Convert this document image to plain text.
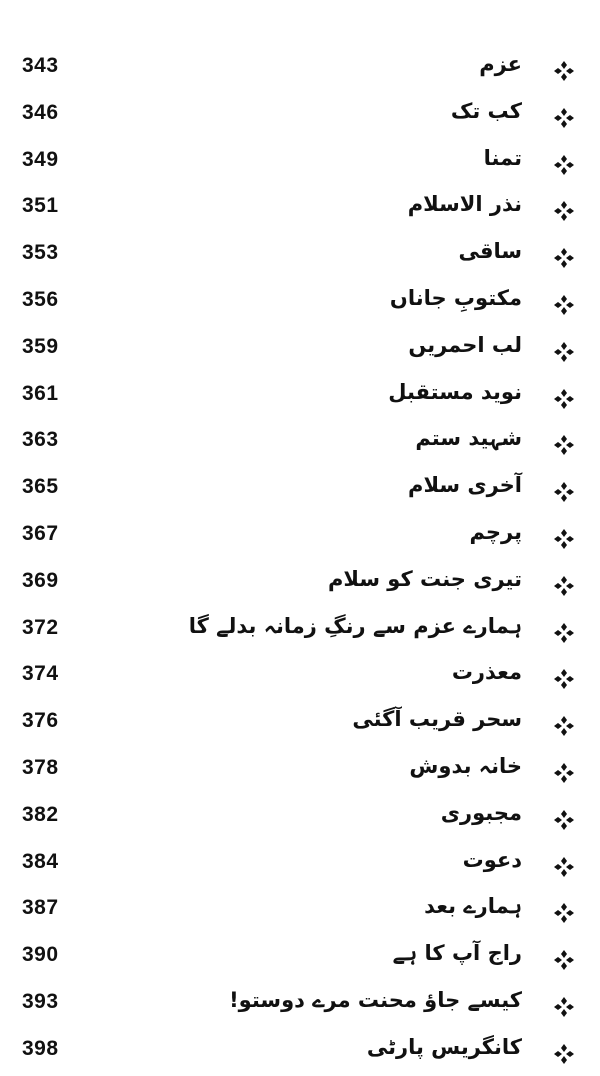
343	عزم
346	کب تک
349	تمنا
351	نذر الاسلام
353	ساقی
356	مکتوبِ جاناں
359	لب احمریں
361	نوید مستقبل
363	شہید ستم
365	آخری سلام
367	پرچم
369	تیری جنت کو سلام
372	ہمارے عزم سے رنگِ زمانہ بدلے گا
374	معذرت
376	سحر قریب آگئی
378	خانہ بدوش
382	مجبوری
384	دعوت
387	ہمارے بعد
390	راج آپ کا ہے
393	کیسے جاؤ محنت مرے دوستو!
398	کانگریس پارٹی
